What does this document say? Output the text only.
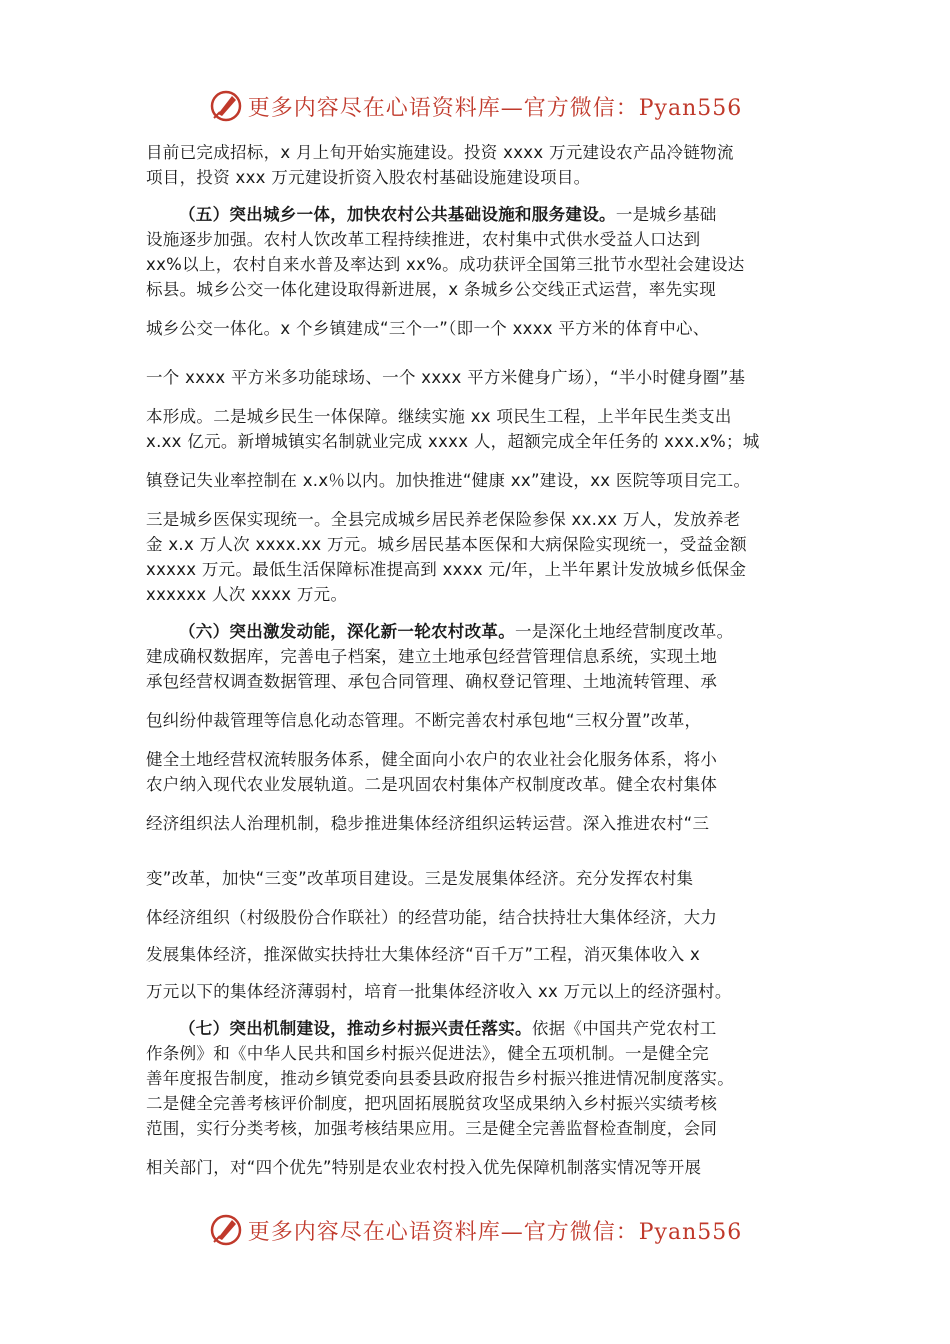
更多内容尽在心语资料库—官方微信：Pyan556

目前已完成招标，x 月上旬开始实施建设。投资 xxxx 万元建设农产品冷链物流

项目，投资 xxx 万元建设折资入股农村基础设施建设项目。

（五）突出城乡一体，加快农村公共基础设施和服务建设。一是城乡基础

设施逐步加强。农村人饮改革工程持续推进，农村集中式供水受益人口达到

xx%以上，农村自来水普及率达到 xx%。成功获评全国第三批节水型社会建设达

标县。城乡公交一体化建设取得新进展，x 条城乡公交线正式运营，率先实现

城乡公交一体化。x 个乡镇建成“三个一”（即一个 xxxx 平方米的体育中心、

一个 xxxx 平方米多功能球场、一个 xxxx 平方米健身广场），“半小时健身圈”基

本形成。二是城乡民生一体保障。继续实施 xx 项民生工程，上半年民生类支出

x.xx 亿元。新增城镇实名制就业完成 xxxx 人，超额完成全年任务的 xxx.x%；城

镇登记失业率控制在 x.x％以内。加快推进“健康 xx”建设，xx 医院等项目完工。

三是城乡医保实现统一。全县完成城乡居民养老保险参保 xx.xx 万人，发放养老

金 x.x 万人次 xxxx.xx 万元。城乡居民基本医保和大病保险实现统一，受益金额

xxxxx 万元。最低生活保障标准提高到 xxxx 元/年，上半年累计发放城乡低保金

xxxxxx 人次 xxxx 万元。

（六）突出激发动能，深化新一轮农村改革。一是深化土地经营制度改革。

建成确权数据库，完善电子档案，建立土地承包经营管理信息系统，实现土地

承包经营权调查数据管理、承包合同管理、确权登记管理、土地流转管理、承

包纠纷仲裁管理等信息化动态管理。不断完善农村承包地“三权分置”改革，

健全土地经营权流转服务体系，健全面向小农户的农业社会化服务体系，将小

农户纳入现代农业发展轨道。二是巩固农村集体产权制度改革。健全农村集体

经济组织法人治理机制，稳步推进集体经济组织运转运营。深入推进农村“三

变”改革，加快“三变”改革项目建设。三是发展集体经济。充分发挥农村集

体经济组织（村级股份合作联社）的经营功能，结合扶持壮大集体经济，大力

发展集体经济，推深做实扶持壮大集体经济“百千万”工程，消灭集体收入 x

万元以下的集体经济薄弱村，培育一批集体经济收入 xx 万元以上的经济强村。

（七）突出机制建设，推动乡村振兴责任落实。依据《中国共产党农村工

作条例》和《中华人民共和国乡村振兴促进法》，健全五项机制。一是健全完

善年度报告制度，推动乡镇党委向县委县政府报告乡村振兴推进情况制度落实。

二是健全完善考核评价制度，把巩固拓展脱贫攻坚成果纳入乡村振兴实绩考核

范围，实行分类考核，加强考核结果应用。三是健全完善监督检查制度，会同

相关部门，对“四个优先”特别是农业农村投入优先保障机制落实情况等开展

更多内容尽在心语资料库—官方微信：Pyan556
